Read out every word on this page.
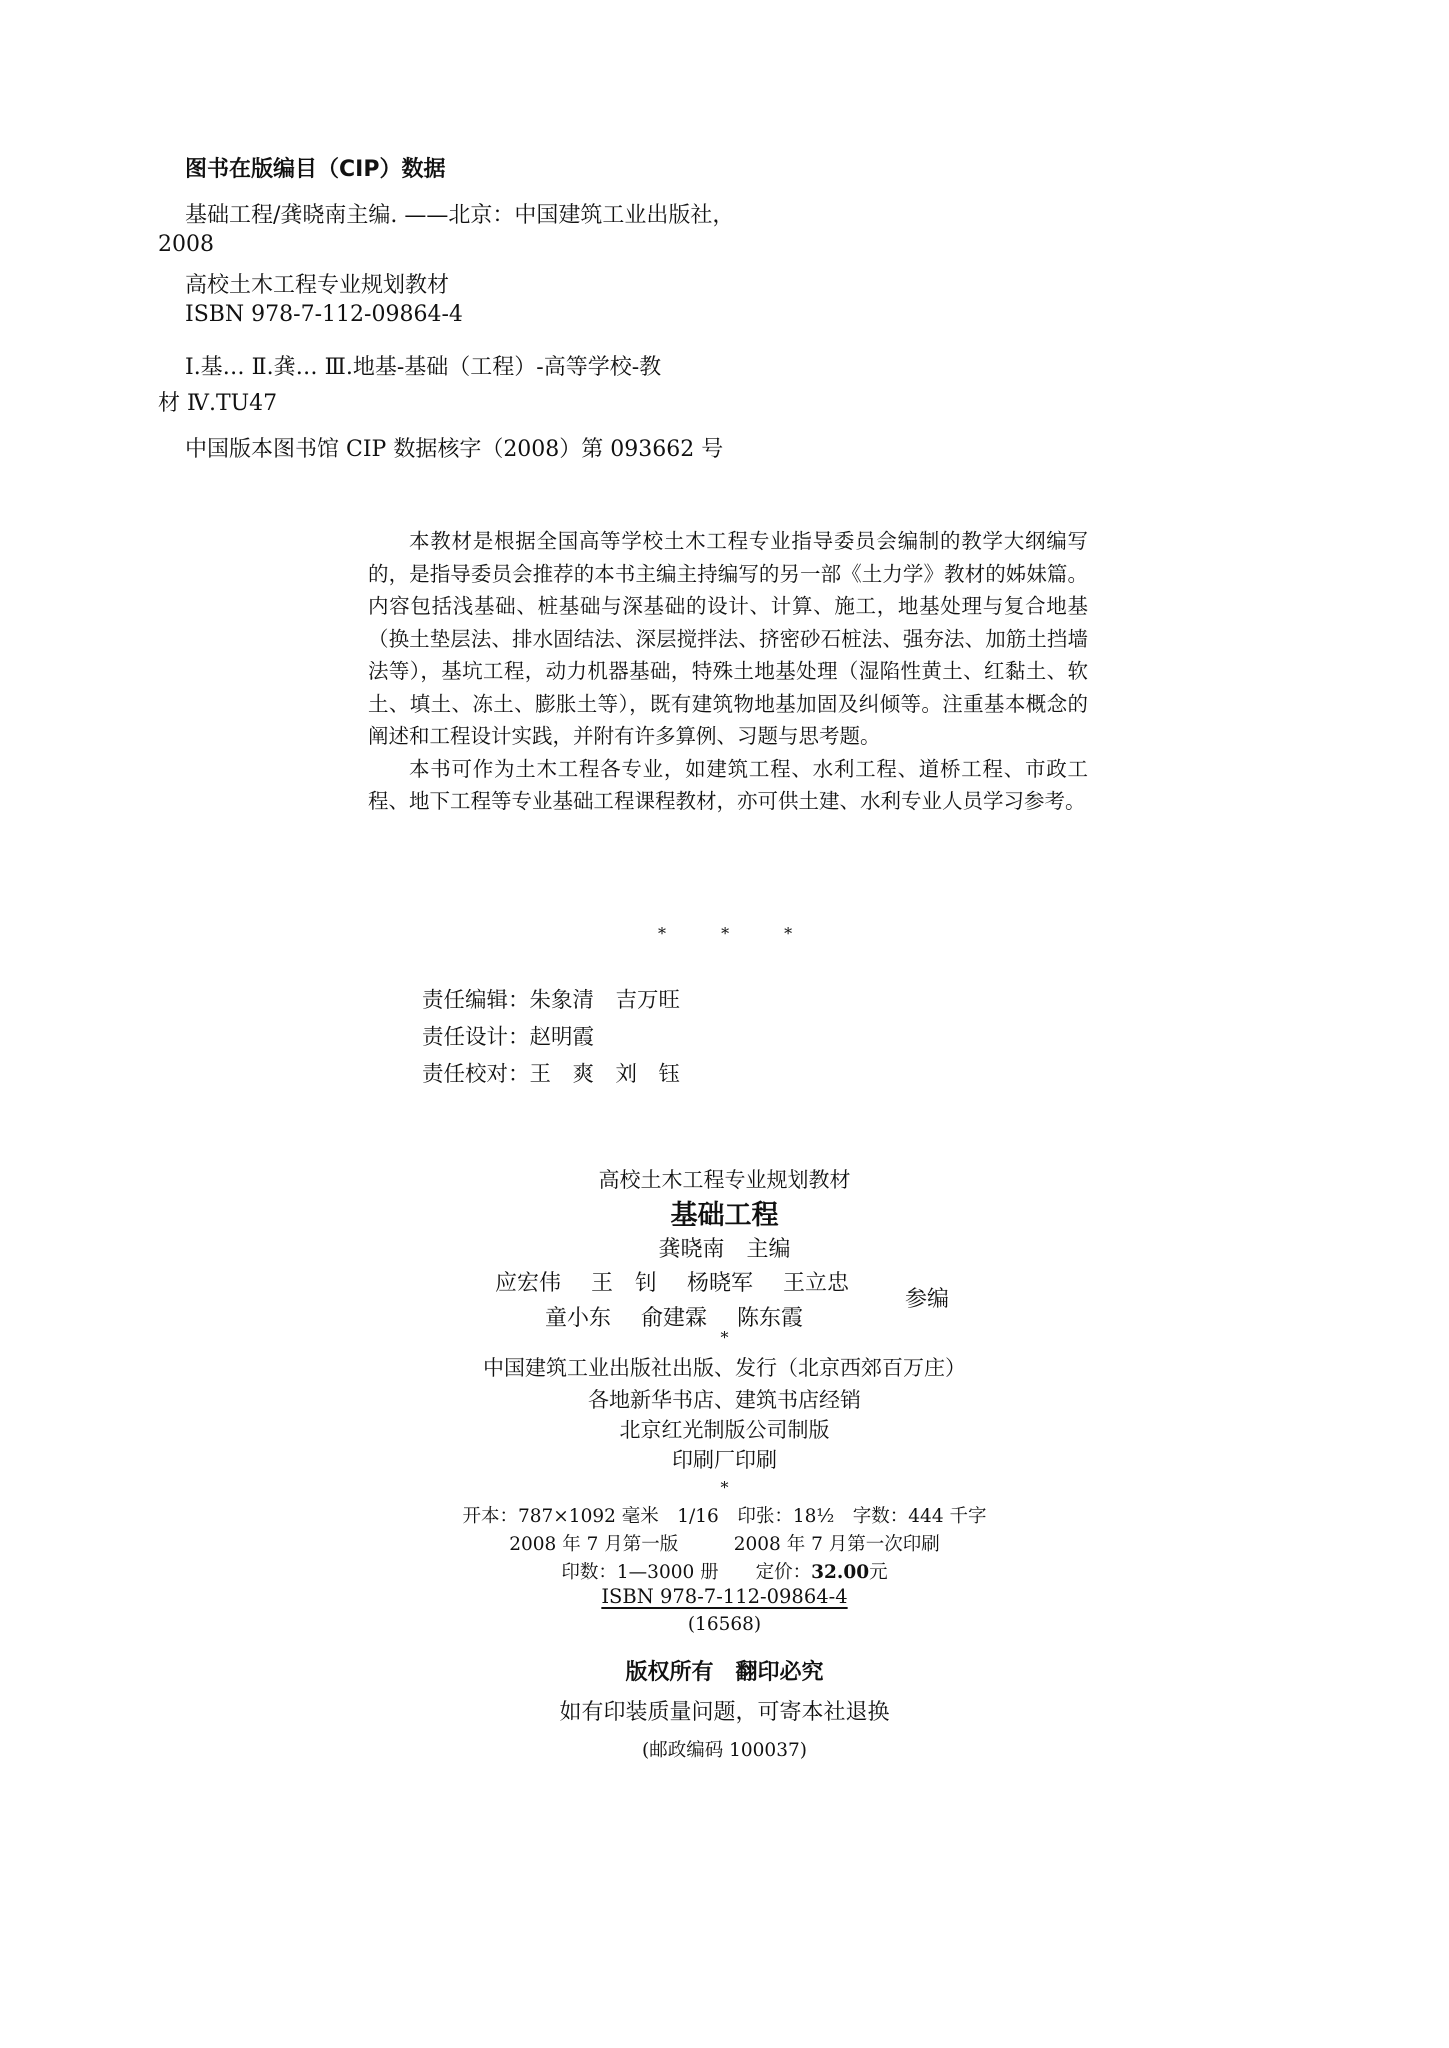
图书在版编目（CIP）数据
基础工程/龚晓南主编. ——北京：中国建筑工业出版社，
2008
高校土木工程专业规划教材
ISBN 978-7-112-09864-4
Ⅰ.基… Ⅱ.龚… Ⅲ.地基-基础（工程）-高等学校-教
材 Ⅳ.TU47
中国版本图书馆 CIP 数据核字（2008）第 093662 号

本教材是根据全国高等学校土木工程专业指导委员会编制的教学大纲编写的，是指导委员会推荐的本书主编主持编写的另一部《土力学》教材的姊妹篇。内容包括浅基础、桩基础与深基础的设计、计算、施工，地基处理与复合地基（换土垫层法、排水固结法、深层搅拌法、挤密砂石桩法、强夯法、加筋土挡墙法等），基坑工程，动力机器基础，特殊土地基处理（湿陷性黄土、红黏土、软土、填土、冻土、膨胀土等），既有建筑物地基加固及纠倾等。注重基本概念的阐述和工程设计实践，并附有许多算例、习题与思考题。

本书可作为土木工程各专业，如建筑工程、水利工程、道桥工程、市政工程、地下工程等专业基础工程课程教材，亦可供土建、水利专业人员学习参考。

* * *
责任编辑：朱象清　吉万旺
责任设计：赵明霞
责任校对：王　爽　刘　钰
高校土木工程专业规划教材
基础工程
龚晓南　主编
应宏伟 王　钊 杨晓军 王立忠
童小东 俞建霖 陈东霞
参编
*
中国建筑工业出版社出版、发行（北京西郊百万庄）
各地新华书店、建筑书店经销
北京红光制版公司制版
印刷厂印刷
*
开本：787×1092 毫米　1/16　印张：18½　字数：444 千字
2008 年 7 月第一版　　　2008 年 7 月第一次印刷
印数：1—3000 册　　定价：32.00元
ISBN 978-7-112-09864-4
(16568)
版权所有　翻印必究
如有印装质量问题，可寄本社退换
(邮政编码 100037)
